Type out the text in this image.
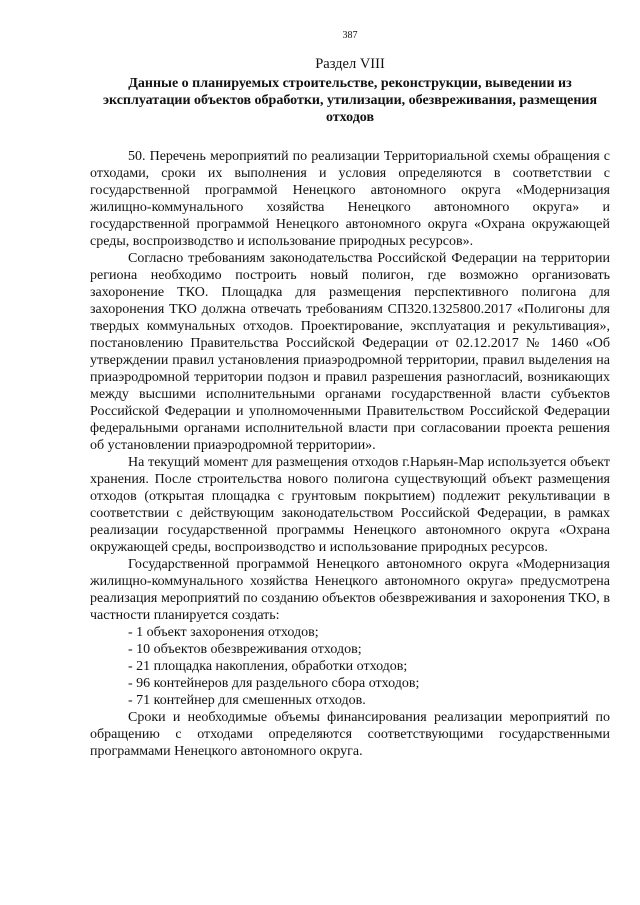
387
Раздел VIII
Данные о планируемых строительстве, реконструкции, выведении из эксплуатации объектов обработки, утилизации, обезвреживания, размещения отходов

50. Перечень мероприятий по реализации Территориальной схемы обращения с отходами, сроки их выполнения и условия определяются в соответствии с государственной программой Ненецкого автономного округа «Модернизация жилищно-коммунального хозяйства Ненецкого автономного округа» и государственной программой Ненецкого автономного округа «Охрана окружающей среды, воспроизводство и использование природных ресурсов».

Согласно требованиям законодательства Российской Федерации на территории региона необходимо построить новый полигон, где возможно организовать захоронение ТКО. Площадка для размещения перспективного полигона для захоронения ТКО должна отвечать требованиям СП320.1325800.2017 «Полигоны для твердых коммунальных отходов. Проектирование, эксплуатация и рекультивация», постановлению Правительства Российской Федерации от 02.12.2017 № 1460 «Об утверждении правил установления приаэродромной территории, правил выделения на приаэродромной территории подзон и правил разрешения разногласий, возникающих между высшими исполнительными органами государственной власти субъектов Российской Федерации и уполномоченными Правительством Российской Федерации федеральными органами исполнительной власти при согласовании проекта решения об установлении приаэродромной территории».

На текущий момент для размещения отходов г.Нарьян-Мар используется объект хранения. После строительства нового полигона существующий объект размещения отходов (открытая площадка с грунтовым покрытием) подлежит рекультивации в соответствии с действующим законодательством Российской Федерации, в рамках реализации государственной программы Ненецкого автономного округа «Охрана окружающей среды, воспроизводство и использование природных ресурсов.

Государственной программой Ненецкого автономного округа «Модернизация жилищно-коммунального хозяйства Ненецкого автономного округа» предусмотрена реализация мероприятий по созданию объектов обезвреживания и захоронения ТКО, в частности планируется создать:

- 1 объект захоронения отходов;
- 10 объектов обезвреживания отходов;
- 21 площадка накопления, обработки отходов;
- 96 контейнеров для раздельного сбора отходов;
- 71 контейнер для смешенных отходов.

Сроки и необходимые объемы финансирования реализации мероприятий по обращению с отходами определяются соответствующими государственными программами Ненецкого автономного округа.
